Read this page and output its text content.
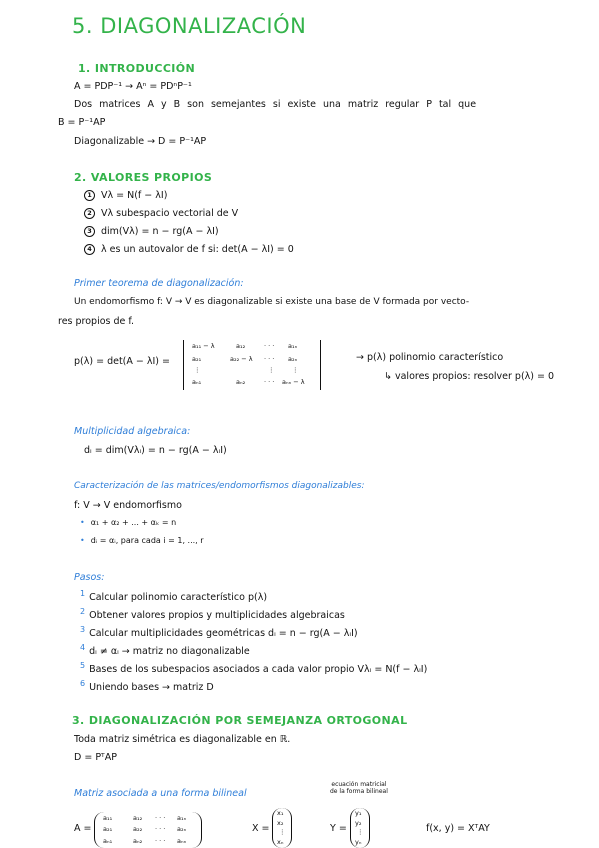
5. DIAGONALIZACIÓN
1. INTRODUCCIÓN
A = PDP⁻¹ → Aⁿ = PDⁿP⁻¹
Dos matrices A y B son semejantes si existe una matriz regular P tal que
B = P⁻¹AP
Diagonalizable → D = P⁻¹AP
2. VALORES PROPIOS
1 Vλ = N(f − λI)
2 Vλ subespacio vectorial de V
3 dim(Vλ) = n − rg(A − λI)
4 λ es un autovalor de f si: det(A − λI) = 0
Primer teorema de diagonalización:
Un endomorfismo f: V → V es diagonalizable si existe una base de V formada por vecto-
res propios de f.
p(λ) = det(A − λI) =
a₁₁ − λ	a₁₂	· · · a₁ₙ
a₂₁	a₂₂ − λ · · · a₂ₙ
⋮	⋮	⋮
aₙ₁	aₙ₂	· · · aₙₙ − λ
→ p(λ) polinomio característico
↳ valores propios: resolver p(λ) = 0
Multiplicidad algebraica:
dᵢ = dim(Vλᵢ) = n − rg(A − λᵢI)
Caracterización de las matrices/endomorfismos diagonalizables:
f: V → V endomorfismo
• α₁ + α₂ + ... + αₖ = n
• dᵢ = αᵢ, para cada i = 1, ..., r
Pasos:
$^1$ Calcular polinomio característico p(λ)
$^2$ Obtener valores propios y multiplicidades algebraicas
$^3$ Calcular multiplicidades geométricas dᵢ = n − rg(A − λᵢI)
$^4$ dᵢ ≠ αᵢ → matriz no diagonalizable
$^5$ Bases de los subespacios asociados a cada valor propio Vλᵢ = N(f − λᵢI)
$^6$ Uniendo bases → matriz D
3. DIAGONALIZACIÓN POR SEMEJANZA ORTOGONAL
Toda matriz simétrica es diagonalizable en ℝ.
D = PᵀAP
Matriz asociada a una forma bilineal
ecuación matricial
de la forma bilineal
A =
a₁₁	a₁₂ · · · a₁ₙ
a₂₁	a₂₂ · · · a₂ₙ
aₙ₁	aₙ₂ · · · aₙₙ
X =
x₁
x₂
⋮
xₙ
Y =
y₁
y₂
⋮
yₙ
f(x, y) = XᵀAY
